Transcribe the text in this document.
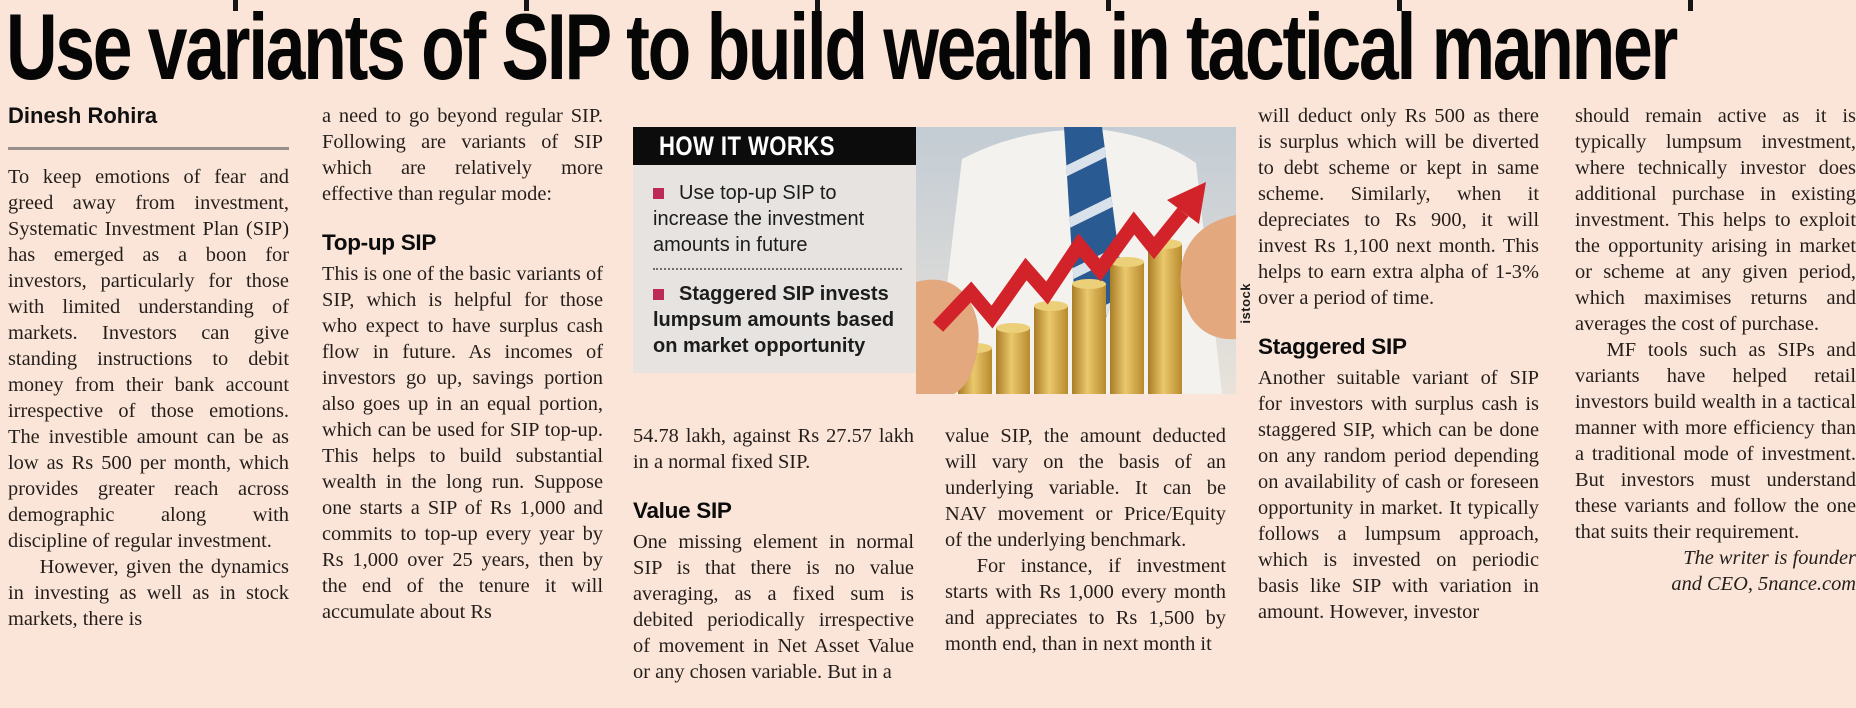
Use variants of SIP to build wealth in tactical manner

Dinesh Rohira

To keep emotions of fear and greed away from investment, Systematic Investment Plan (SIP) has emerged as a boon for investors, particularly for those with limited understanding of markets. Investors can give standing instructions to debit money from their bank account irrespective of those emotions. The investible amount can be as low as Rs 500 per month, which provides greater reach across demographic along with discipline of regular investment.

However, given the dynamics in investing as well as in stock markets, there is

a need to go beyond regular SIP. Following are variants of SIP which are relatively more effective than regular mode:

Top-up SIP

This is one of the basic variants of SIP, which is helpful for those who expect to have surplus cash flow in future. As incomes of investors go up, savings portion also goes up in an equal portion, which can be used for SIP top-up. This helps to build substantial wealth in the long run. Suppose one starts a SIP of Rs 1,000 and commits to top-up every year by Rs 1,000 over 25 years, then by the end of the tenure it will accumulate about Rs

HOW IT WORKS

Use top-up SIP to increase the investment amounts in future

Staggered SIP invests lumpsum amounts based on market opportunity

istock

54.78 lakh, against Rs 27.57 lakh in a normal fixed SIP.

Value SIP

One missing element in normal SIP is that there is no value averaging, as a fixed sum is debited periodically irrespective of movement in Net Asset Value or any chosen variable. But in a

value SIP, the amount deducted will vary on the basis of an underlying variable. It can be NAV movement or Price/Equity of the underlying benchmark.

For instance, if investment starts with Rs 1,000 every month and appreciates to Rs 1,500 by month end, than in next month it

will deduct only Rs 500 as there is surplus which will be diverted to debt scheme or kept in same scheme. Similarly, when it depreciates to Rs 900, it will invest Rs 1,100 next month. This helps to earn extra alpha of 1-3% over a period of time.

Staggered SIP

Another suitable variant of SIP for investors with surplus cash is staggered SIP, which can be done on any random period depending on availability of cash or foreseen opportunity in market. It typically follows a lumpsum approach, which is invested on periodic basis like SIP with variation in amount. However, investor

should remain active as it is typically lumpsum investment, where technically investor does additional purchase in existing investment. This helps to exploit the opportunity arising in market or scheme at any given period, which maximises returns and averages the cost of purchase.

MF tools such as SIPs and variants have helped retail investors build wealth in a tactical manner with more efficiency than a traditional mode of investment. But investors must understand these variants and follow the one that suits their requirement.

The writer is founder

and CEO, 5nance.com
